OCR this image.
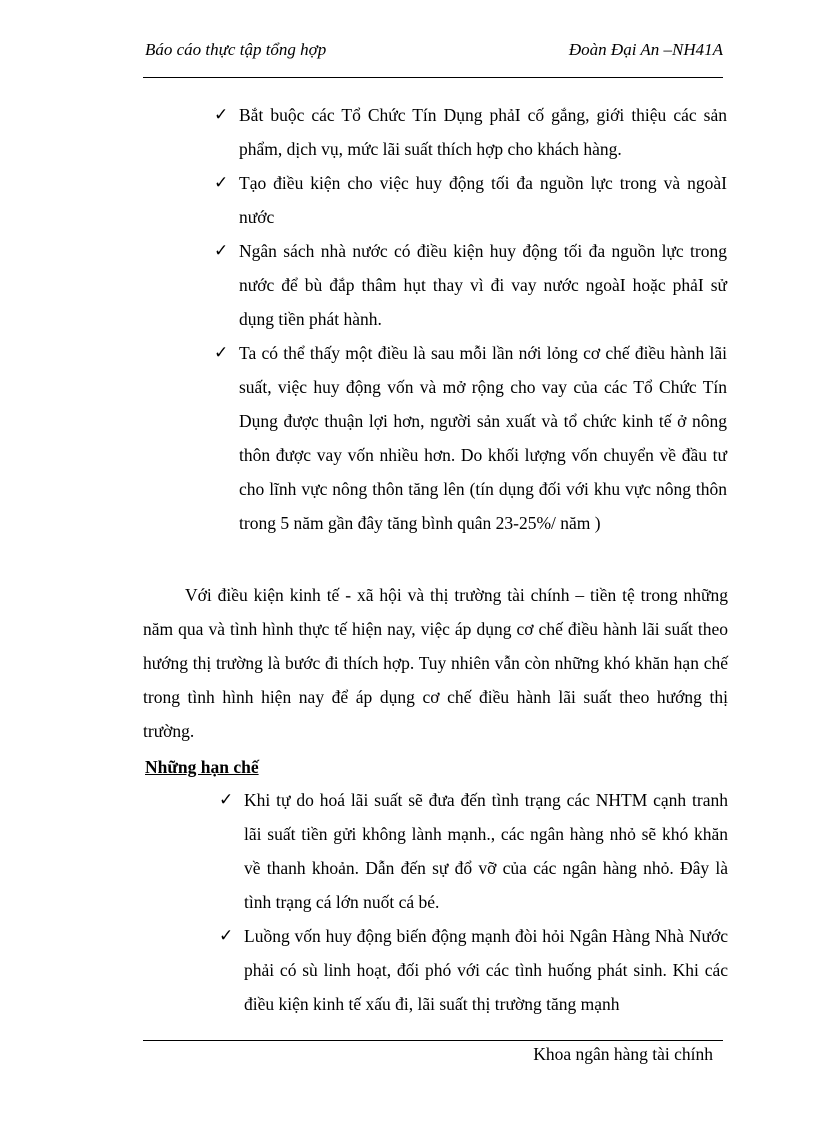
Báo cáo thực tập tổng hợp	Đoàn Đại An –NH41A
✓ Bắt buộc các Tổ Chức Tín Dụng phảI cố gắng, giới thiệu các sản phẩm, dịch vụ, mức lãi suất thích hợp cho khách hàng.
✓ Tạo điều kiện cho việc huy động tối đa nguồn lực trong và ngoàI nước
✓ Ngân sách nhà nước có điều kiện huy động tối đa nguồn lực trong nước để bù đắp thâm hụt thay vì đi vay nước ngoàI hoặc phảI sử dụng tiền phát hành.
✓ Ta có thể thấy một điều là sau mỗi lần nới lỏng cơ chế điều hành lãi suất, việc huy động vốn và mở rộng cho vay của các Tổ Chức Tín Dụng được thuận lợi hơn, người sản xuất và tổ chức kinh tế ở nông thôn được vay vốn nhiều hơn. Do khối lượng vốn chuyển về đầu tư cho lĩnh vực nông thôn tăng lên (tín dụng đối với khu vực nông thôn trong 5 năm gần đây tăng bình quân 23-25%/ năm )

Với điều kiện kinh tế - xã hội và thị trường tài chính – tiền tệ trong những năm qua và tình hình thực tế hiện nay, việc áp dụng cơ chế điều hành lãi suất theo hướng thị trường là bước đi thích hợp. Tuy nhiên vẫn còn những khó khăn hạn chế trong tình hình hiện nay để áp dụng cơ chế điều hành lãi suất theo hướng thị trường.

Những hạn chế
✓ Khi tự do hoá lãi suất sẽ đưa đến tình trạng các NHTM cạnh tranh lãi suất tiền gửi không lành mạnh., các ngân hàng nhỏ sẽ khó khăn về thanh khoản. Dẫn đến sự đổ vỡ của các ngân hàng nhỏ. Đây là tình trạng cá lớn nuốt cá bé.
✓ Luồng vốn huy động biến động mạnh đòi hỏi Ngân Hàng Nhà Nước phải có sù linh hoạt, đối phó với các tình huống phát sinh. Khi các điều kiện kinh tế xấu đi, lãi suất thị trường tăng mạnh
Khoa ngân hàng tài chính
